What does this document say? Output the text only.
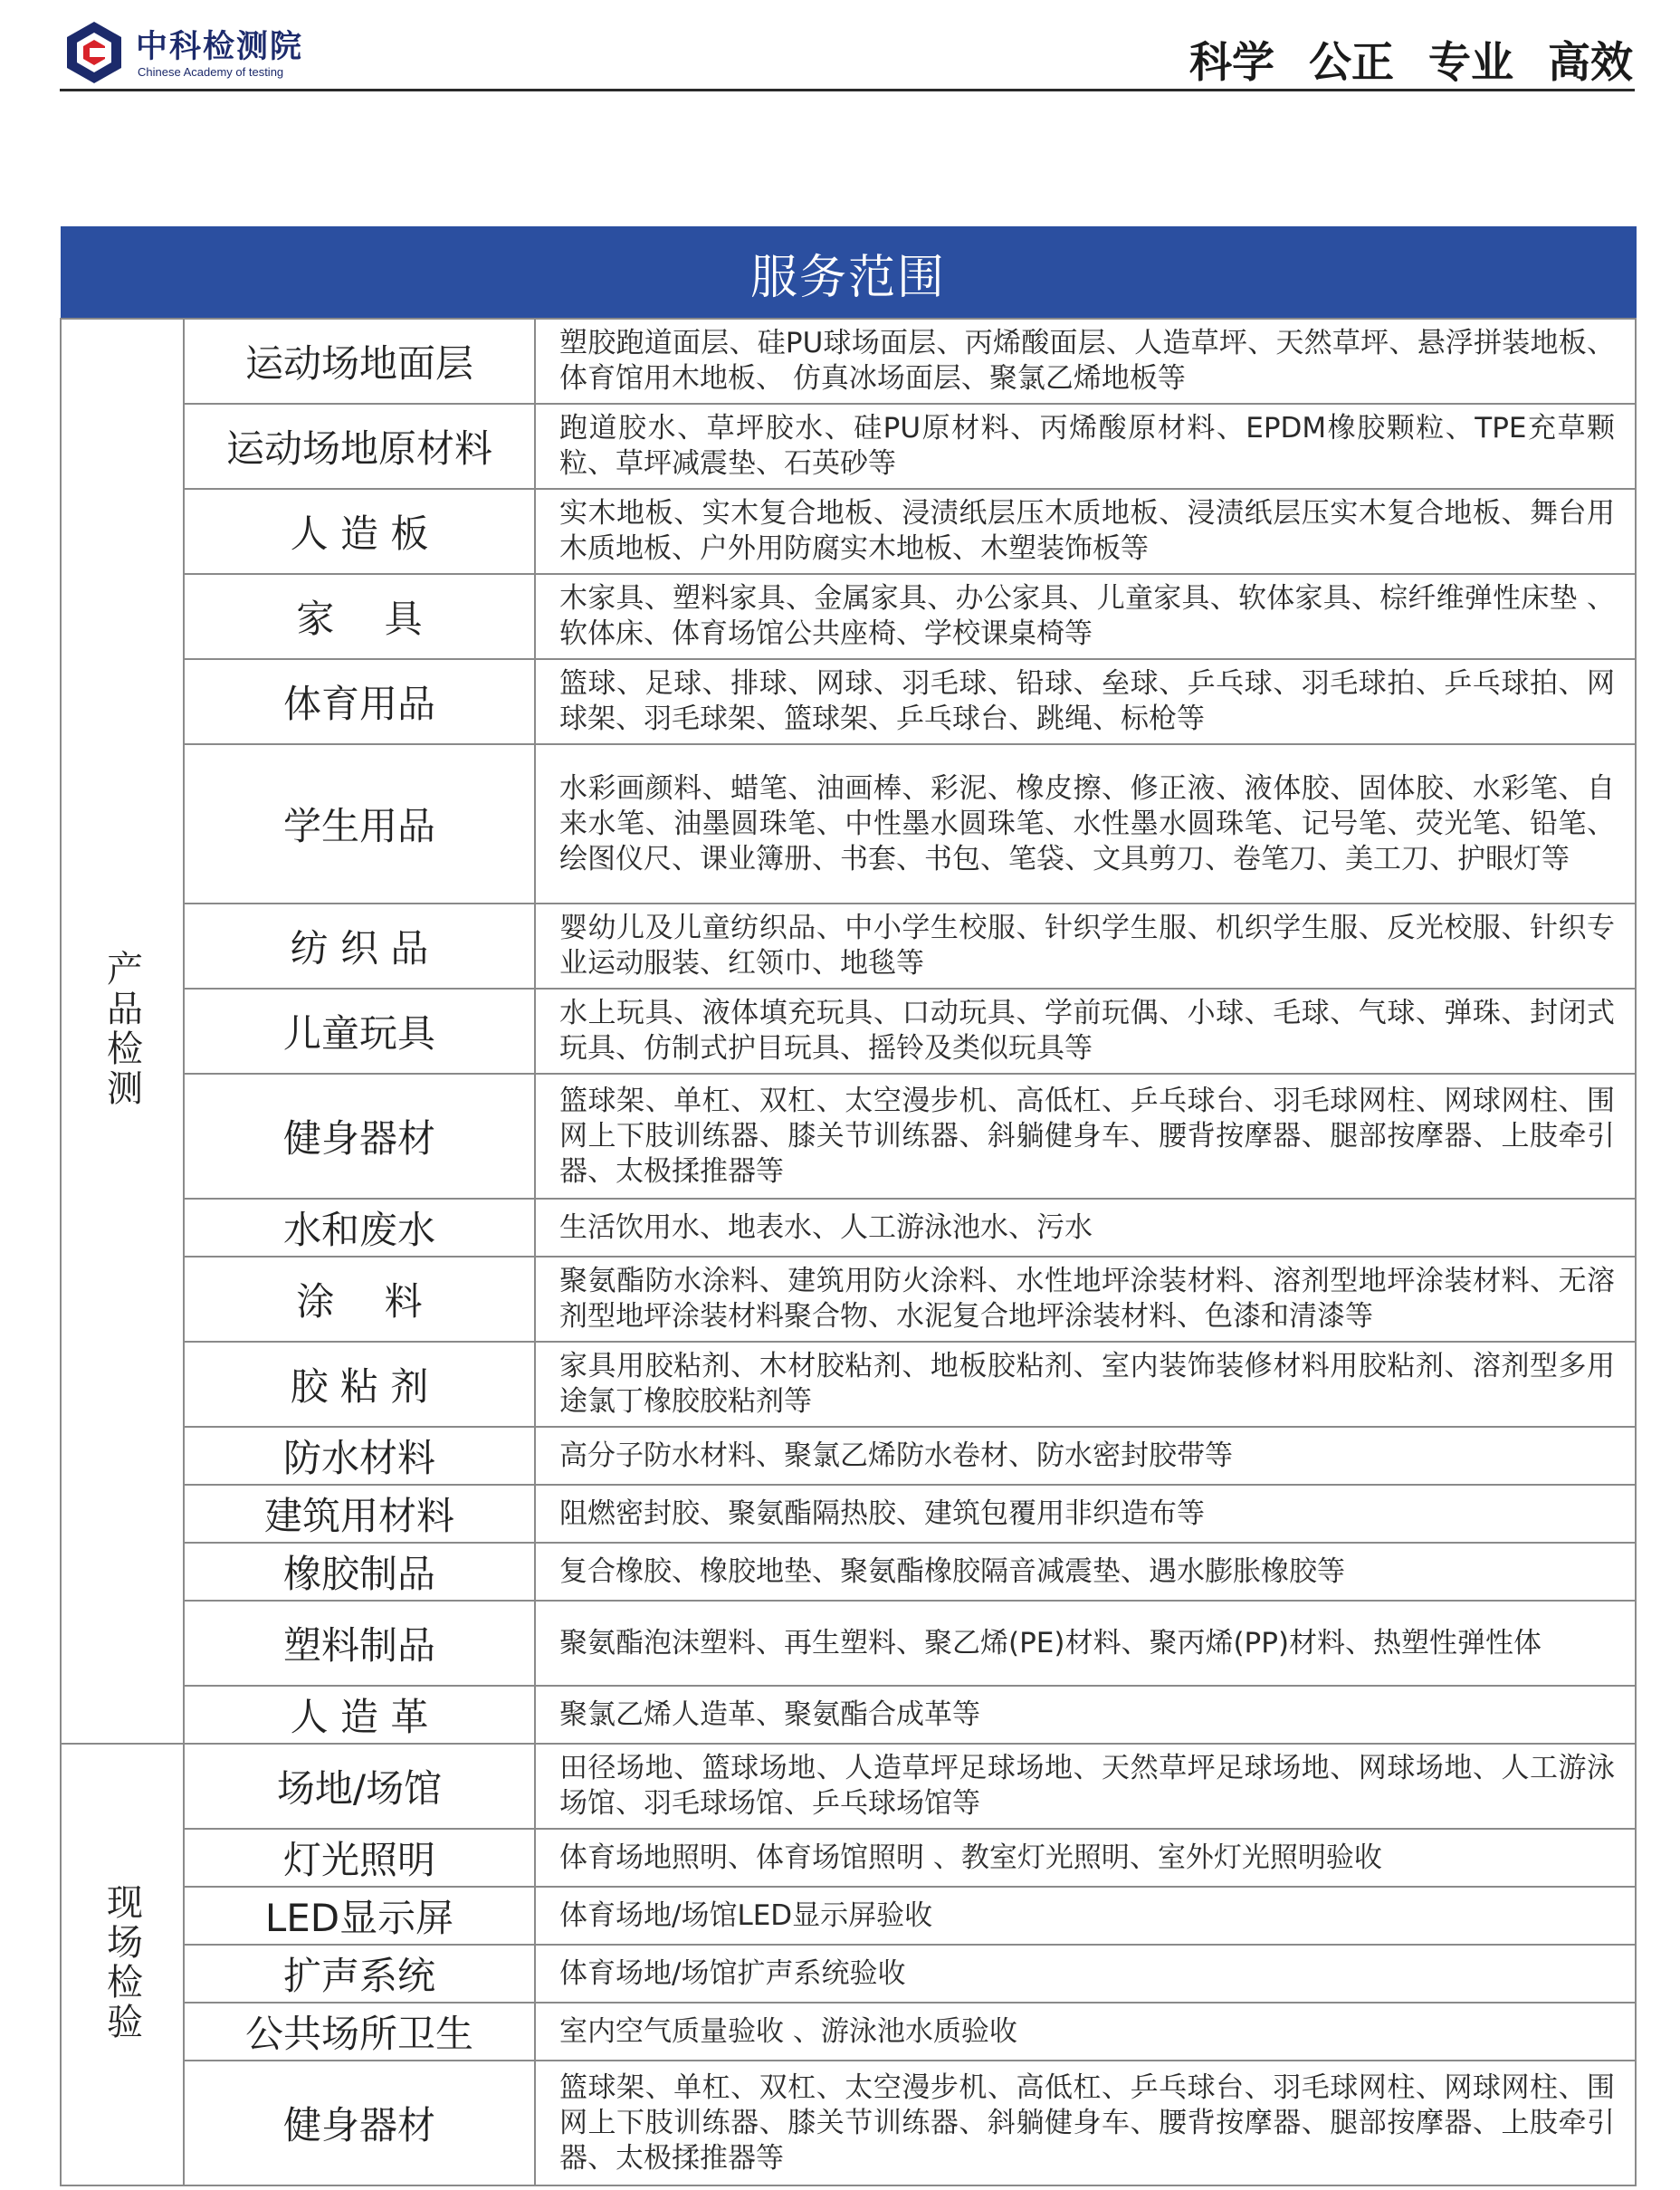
中科检测院
Chinese Academy of testing	科学 公正 专业 高效
服务范围		
产品检测	运动场地面层	塑胶跑道面层、硅PU球场面层、丙烯酸面层、人造草坪、天然草坪、悬浮拼装地板、体育馆用木地板、 仿真冰场面层、聚氯乙烯地板等
	运动场地原材料	跑道胶水、草坪胶水、硅PU原材料、丙烯酸原材料、EPDM橡胶颗粒、TPE充草颗粒、草坪减震垫、石英砂等
	人 造 板	实木地板、实木复合地板、浸渍纸层压木质地板、浸渍纸层压实木复合地板、舞台用木质地板、户外用防腐实木地板、木塑装饰板等
	家　 具	木家具、塑料家具、金属家具、办公家具、儿童家具、软体家具、棕纤维弹性床垫 、软体床、体育场馆公共座椅、学校课桌椅等
	体育用品	篮球、足球、排球、网球、羽毛球、铅球、垒球、乒乓球、羽毛球拍、乒乓球拍、网球架、羽毛球架、篮球架、乒乓球台、跳绳、标枪等
	学生用品	水彩画颜料、蜡笔、油画棒、彩泥、橡皮擦、修正液、液体胶、固体胶、水彩笔、自来水笔、油墨圆珠笔、中性墨水圆珠笔、水性墨水圆珠笔、记号笔、荧光笔、铅笔、绘图仪尺、课业簿册、书套、书包、笔袋、文具剪刀、卷笔刀、美工刀、护眼灯等
	纺 织 品	婴幼儿及儿童纺织品、中小学生校服、针织学生服、机织学生服、反光校服、针织专业运动服装、红领巾、地毯等
	儿童玩具	水上玩具、液体填充玩具、口动玩具、学前玩偶、小球、毛球、气球、弹珠、封闭式玩具、仿制式护目玩具、摇铃及类似玩具等
	健身器材	篮球架、单杠、双杠、太空漫步机、高低杠、乒乓球台、羽毛球网柱、网球网柱、围网上下肢训练器、膝关节训练器、斜躺健身车、腰背按摩器、腿部按摩器、上肢牵引器、太极揉推器等
	水和废水	生活饮用水、地表水、人工游泳池水、污水
	涂　 料	聚氨酯防水涂料、建筑用防火涂料、水性地坪涂装材料、溶剂型地坪涂装材料、无溶剂型地坪涂装材料聚合物、水泥复合地坪涂装材料、色漆和清漆等
	胶 粘 剂	家具用胶粘剂、木材胶粘剂、地板胶粘剂、室内装饰装修材料用胶粘剂、溶剂型多用途氯丁橡胶胶粘剂等
	防水材料	高分子防水材料、聚氯乙烯防水卷材、防水密封胶带等
	建筑用材料	阻燃密封胶、聚氨酯隔热胶、建筑包覆用非织造布等
	橡胶制品	复合橡胶、橡胶地垫、聚氨酯橡胶隔音减震垫、遇水膨胀橡胶等
	塑料制品	聚氨酯泡沫塑料、再生塑料、聚乙烯(PE)材料、聚丙烯(PP)材料、热塑性弹性体
	人 造 革	聚氯乙烯人造革、聚氨酯合成革等
现场检验	场地/场馆	田径场地、篮球场地、人造草坪足球场地、天然草坪足球场地、网球场地、人工游泳场馆、羽毛球场馆、乒乓球场馆等
	灯光照明	体育场地照明、体育场馆照明 、教室灯光照明、室外灯光照明验收
	LED显示屏	体育场地/场馆LED显示屏验收
	扩声系统	体育场地/场馆扩声系统验收
	公共场所卫生	室内空气质量验收 、游泳池水质验收
	健身器材	篮球架、单杠、双杠、太空漫步机、高低杠、乒乓球台、羽毛球网柱、网球网柱、围网上下肢训练器、膝关节训练器、斜躺健身车、腰背按摩器、腿部按摩器、上肢牵引器、太极揉推器等
